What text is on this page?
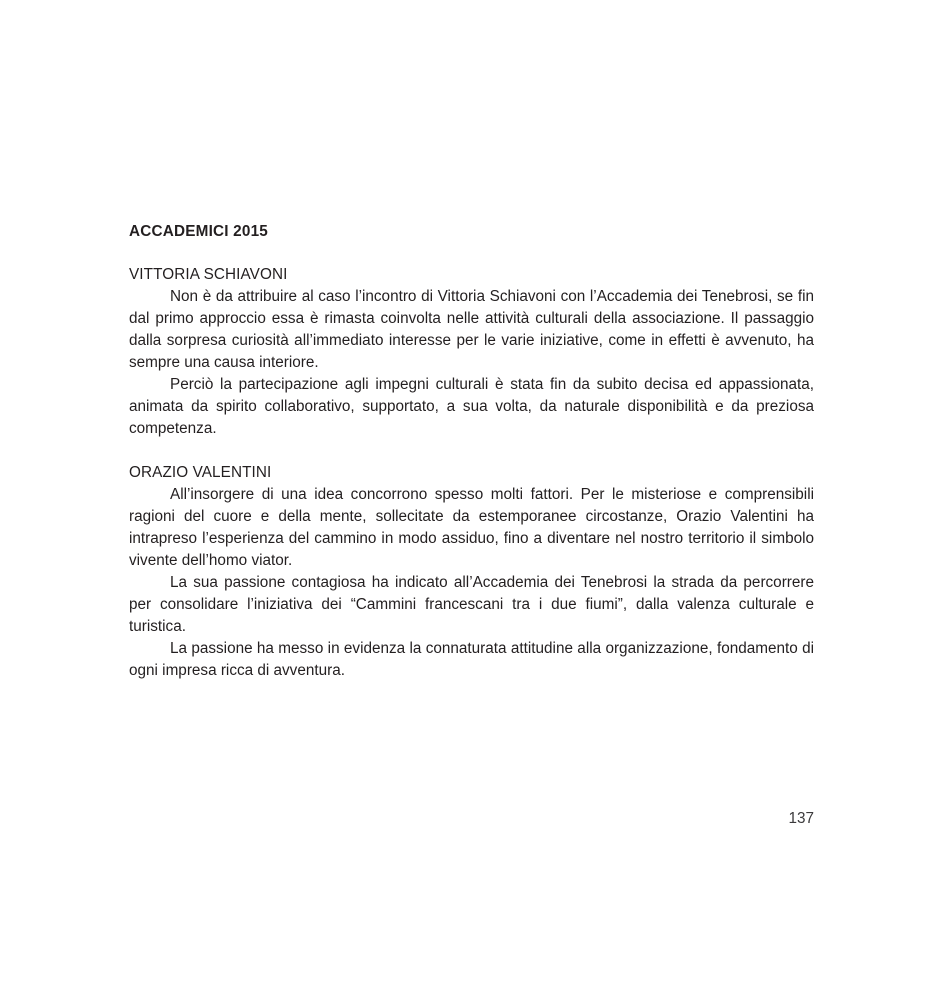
ACCADEMICI 2015
VITTORIA SCHIAVONI

Non è da attribuire al caso l’incontro di Vittoria Schiavoni con l’Accademia dei Tenebrosi, se fin dal primo approccio essa è rimasta coinvolta nelle attività culturali della associazione. Il passaggio dalla sorpresa curiosità all’immediato interesse per le varie iniziative, come in effetti è avvenuto, ha sempre una causa interiore.

Perciò la partecipazione agli impegni culturali è stata fin da subito decisa ed appassionata, animata da spirito collaborativo, supportato, a sua volta, da naturale disponibilità e da preziosa competenza.

ORAZIO VALENTINI

All’insorgere di una idea concorrono spesso molti fattori. Per le misteriose e comprensibili ragioni del cuore e della mente, sollecitate da estemporanee circostanze, Orazio Valentini ha intrapreso l’esperienza del cammino in modo assiduo, fino a diventare nel nostro territorio il simbolo vivente dell’homo viator.

La sua passione contagiosa ha indicato all’Accademia dei Tenebrosi la strada da percorrere per consolidare l’iniziativa dei “Cammini francescani tra i due fiumi”, dalla valenza culturale e turistica.

La passione ha messo in evidenza la connaturata attitudine alla organizzazione, fondamento di ogni impresa ricca di avventura.

137
